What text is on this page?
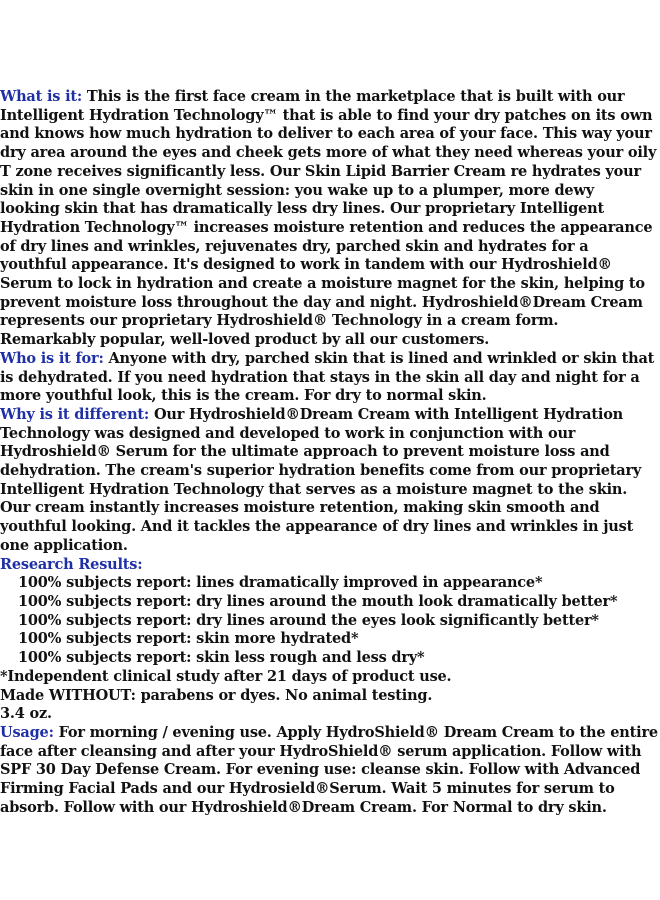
What is it: This is the first face cream in the marketplace that is built with our Intelligent Hydration Technology™ that is able to find your dry patches on its own and knows how much hydration to deliver to each area of your face. This way your dry area around the eyes and cheek gets more of what they need whereas your oily T zone receives significantly less. Our Skin Lipid Barrier Cream re hydrates your skin in one single overnight session: you wake up to a plumper, more dewy looking skin that has dramatically less dry lines. Our proprietary Intelligent Hydration Technology™ increases moisture retention and reduces the appearance of dry lines and wrinkles, rejuvenates dry, parched skin and hydrates for a youthful appearance. It's designed to work in tandem with our Hydroshield® Serum to lock in hydration and create a moisture magnet for the skin, helping to prevent moisture loss throughout the day and night. Hydroshield®Dream Cream represents our proprietary Hydroshield® Technology in a cream form.

Remarkably popular, well-loved product by all our customers.

Who is it for: Anyone with dry, parched skin that is lined and wrinkled or skin that is dehydrated. If you need hydration that stays in the skin all day and night for a more youthful look, this is the cream. For dry to normal skin.

Why is it different: Our Hydroshield®Dream Cream with Intelligent Hydration Technology was designed and developed to work in conjunction with our Hydroshield® Serum for the ultimate approach to prevent moisture loss and dehydration. The cream's superior hydration benefits come from our proprietary Intelligent Hydration Technology that serves as a moisture magnet to the skin. Our cream instantly increases moisture retention, making skin smooth and youthful looking. And it tackles the appearance of dry lines and wrinkles in just one application.

Research Results:

100% subjects report: lines dramatically improved in appearance*

100% subjects report: dry lines around the mouth look dramatically better*

100% subjects report: dry lines around the eyes look significantly better*

100% subjects report: skin more hydrated*

100% subjects report: skin less rough and less dry*

*Independent clinical study after 21 days of product use.

Made WITHOUT: parabens or dyes. No animal testing.

3.4 oz.

Usage: For morning / evening use. Apply HydroShield® Dream Cream to the entire face after cleansing and after your HydroShield® serum application. Follow with SPF 30 Day Defense Cream. For evening use: cleanse skin. Follow with Advanced Firming Facial Pads and our Hydrosield®Serum. Wait 5 minutes for serum to absorb. Follow with our Hydroshield®Dream Cream. For Normal to dry skin.
